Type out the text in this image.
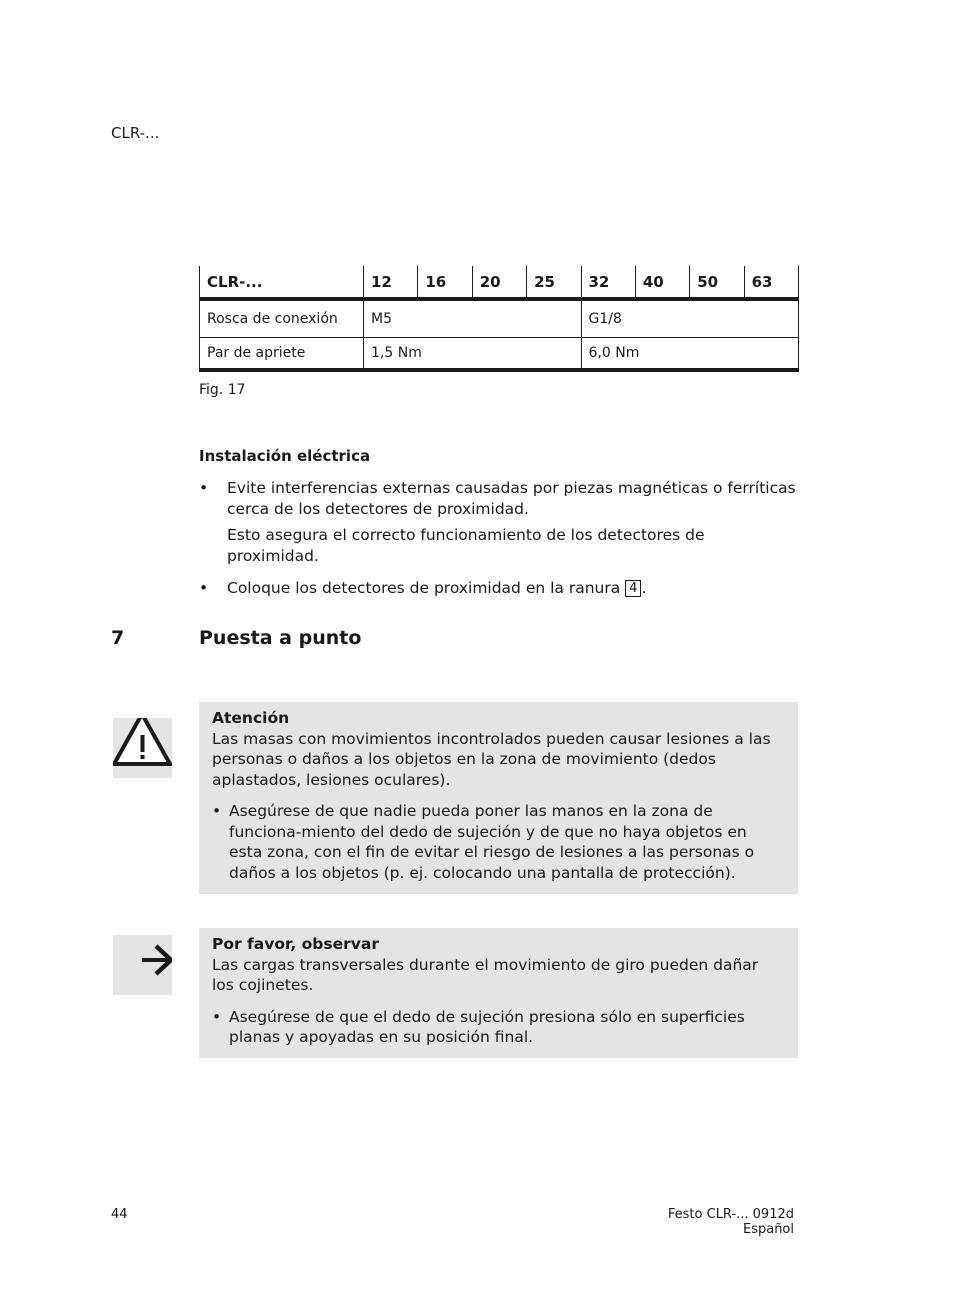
CLR-...
CLR-...	12	16	20	25	32	40	50	63
Rosca de conexión	M5				G1/8			
Par de apriete	1,5 Nm				6,0 Nm			
Fig. 17
Instalación eléctrica
• Evite interferencias externas causadas por piezas magnéticas o ferríticas cerca de los detectores de proximidad.

Esto asegura el correcto funcionamiento de los detectores de proximidad.

• Coloque los detectores de proximidad en la ranura 4 .

7	Puesta a punto

Atención

Las masas con movimientos incontrolados pueden causar lesiones a las personas o daños a los objetos en la zona de movimiento (dedos aplastados, lesiones oculares).

• Asegúrese de que nadie pueda poner las manos en la zona de funciona-miento del dedo de sujeción y de que no haya objetos en esta zona, con el fin de evitar el riesgo de lesiones a las personas o daños a los objetos (p. ej. colocando una pantalla de protección).

Por favor, observar

Las cargas transversales durante el movimiento de giro pueden dañar los cojinetes.

• Asegúrese de que el dedo de sujeción presiona sólo en superficies planas y apoyadas en su posición final.

44	Festo CLR-... 0912d Español
